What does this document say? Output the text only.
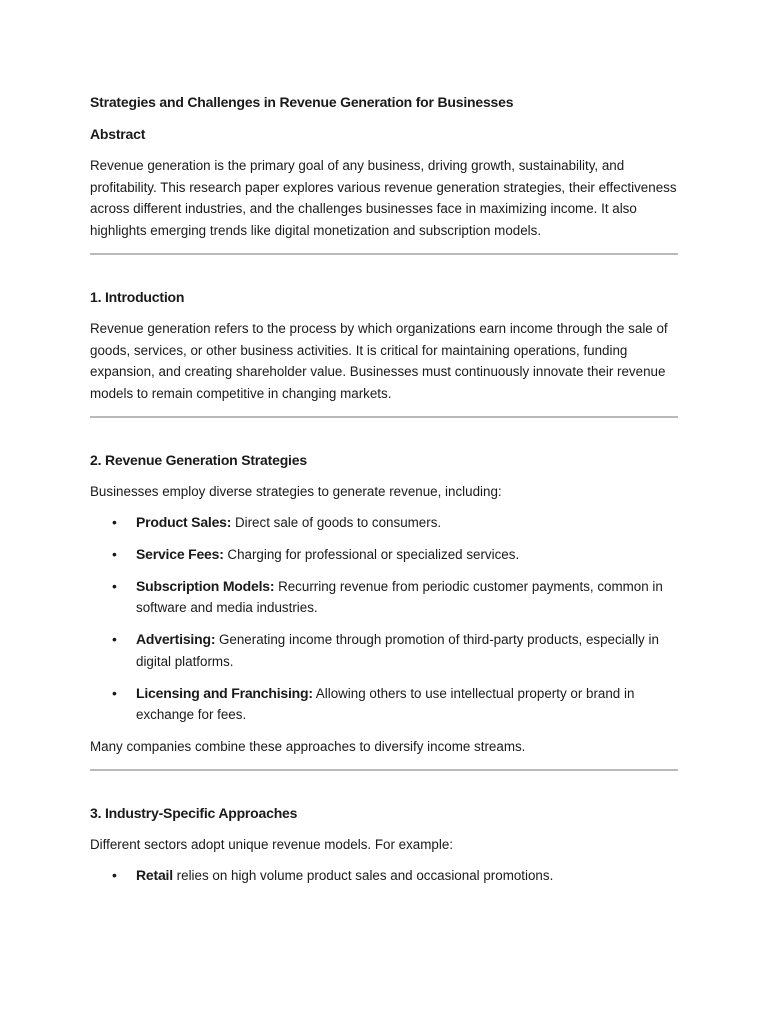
Strategies and Challenges in Revenue Generation for Businesses
Abstract

Revenue generation is the primary goal of any business, driving growth, sustainability, and profitability. This research paper explores various revenue generation strategies, their effectiveness across different industries, and the challenges businesses face in maximizing income. It also highlights emerging trends like digital monetization and subscription models.

1. Introduction

Revenue generation refers to the process by which organizations earn income through the sale of goods, services, or other business activities. It is critical for maintaining operations, funding expansion, and creating shareholder value. Businesses must continuously innovate their revenue models to remain competitive in changing markets.

2. Revenue Generation Strategies

Businesses employ diverse strategies to generate revenue, including:

• Product Sales: Direct sale of goods to consumers.
• Service Fees: Charging for professional or specialized services.
• Subscription Models: Recurring revenue from periodic customer payments, common in software and media industries.
• Advertising: Generating income through promotion of third-party products, especially in digital platforms.
• Licensing and Franchising: Allowing others to use intellectual property or brand in exchange for fees.

Many companies combine these approaches to diversify income streams.

3. Industry-Specific Approaches

Different sectors adopt unique revenue models. For example:

• Retail relies on high volume product sales and occasional promotions.
